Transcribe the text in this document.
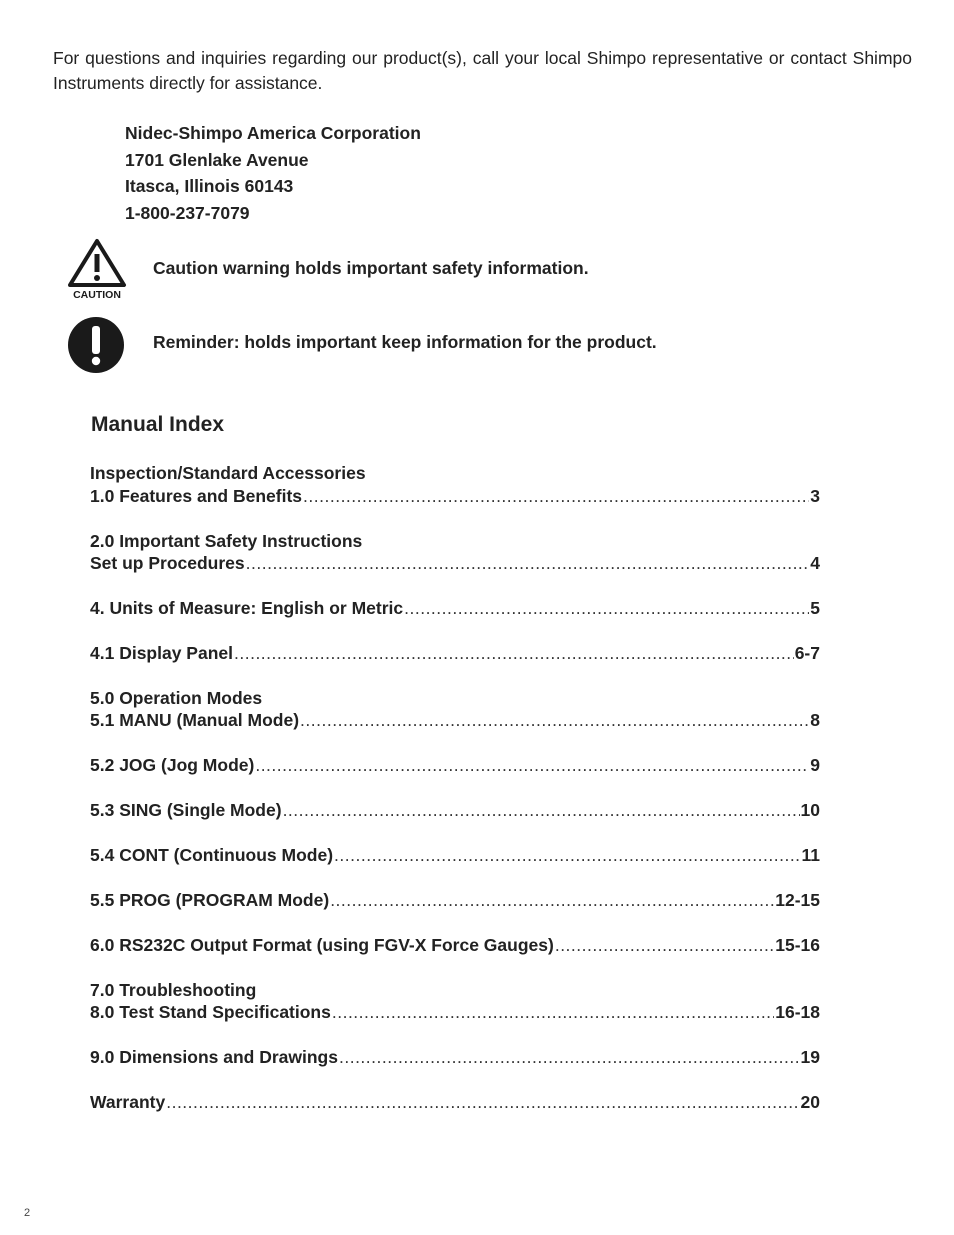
For questions and inquiries regarding our product(s), call your local Shimpo representative or contact Shimpo Instruments directly for assistance.

Nidec-Shimpo America Corporation
1701 Glenlake Avenue
Itasca, Illinois 60143
1-800-237-7079
CAUTION
Caution warning holds important safety information.
Reminder: holds important keep information for the product.
Manual Index
Inspection/Standard Accessories
1.0 Features and Benefits .....	3
2.0 Important Safety Instructions
Set up Procedures .....	4
4. Units of Measure: English or Metric .....	5
4.1 Display Panel .....	6-7
5.0 Operation Modes
5.1 MANU (Manual Mode) .....	8
5.2 JOG (Jog Mode) .....	9
5.3 SING (Single Mode) .....	10
5.4 CONT (Continuous Mode) .....	11
5.5 PROG (PROGRAM Mode) .....	12-15
6.0 RS232C Output Format (using FGV-X Force Gauges) .....	15-16
7.0 Troubleshooting
8.0 Test Stand Specifications .....	16-18
9.0 Dimensions and Drawings .....	19
Warranty .....	20
2
